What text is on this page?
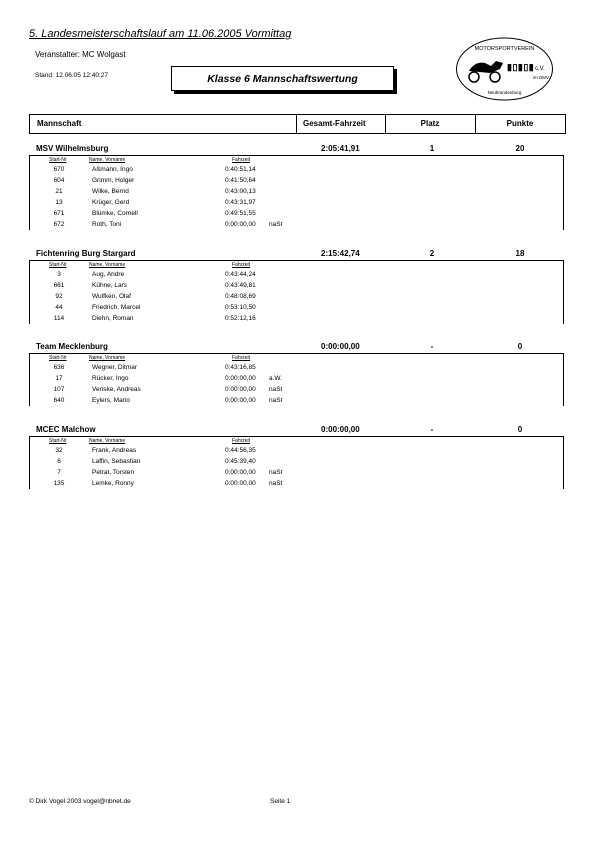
5. Landesmeisterschaftslauf am 11.06.2005 Vormittag
Veranstalter: MC Wolgast
Stand: 12.06.05 12:40:27	Klasse 6 Mannschaftswertung
MOTORSPORTVEREIN
▮▯▮▯▮ c.V.
im DMV
Neubrandenburg
Mannschaft	Gesamt-Fahrzeit	Platz	Punkte
MSV Wilhelmsburg	2:05:41,91	1	20
Start-Nr	Name, Vorname	Fahrzeit
670	Aßmann, Ingo	0:40:51,14
604	Grimm, Holger	0:41:50,64
21	Wilke, Bernd	0:43:00,13
13	Krüger, Gerd	0:43:31,97
671	Blümke, Cornell	0:49:51,55
672	Roth, Toni	0:00:00,00 naSt
Fichtenring Burg Stargard	2:15:42,74	2	18
Start-Nr	Name, Vorname	Fahrzeit
3	Aug, Andre	0:43:44,24
661	Kühne, Lars	0:43:49,81
92	Wulfken, Olaf	0:48:08,69
44	Friedrich, Marcel	0:53:10,50
114	Diehn, Roman	0:52:12,16
Team Mecklenburg	0:00:00,00	-	0
Start-Nr	Name, Vorname	Fahrzeit
636	Wegner, Ditmar	0:43:16,85
17	Rücker, Ingo	0:00:00,00 a.W.
107	Venske, Andreas	0:00:00,00 naSt
640	Eylers, Mario	0:00:00,00 naSt
MCEC Malchow	0:00:00,00	-	0
Start-Nr	Name, Vorname	Fahrzeit
32	Frank, Andreas	0:44:56,35
6	Laffin, Sebastian	0:45:39,40
7	Petrat, Torsten	0:00:00,00 naSt
135	Lemke, Ronny	0:00:00,00 naSt
© Dirk Vogel 2003 vogel@nbnet.de	Seite 1
